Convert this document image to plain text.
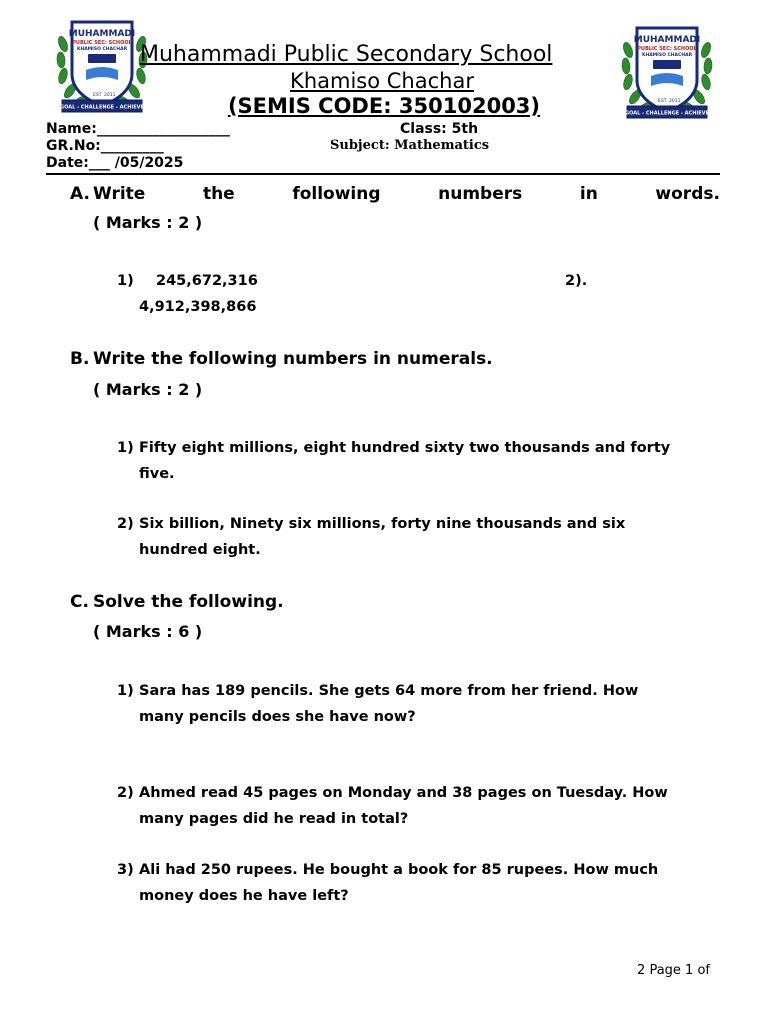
MUHAMMADI
PUBLIC SEC: SCHOOL
KHAMISO CHACHAR
EST 2011
GOAL - CHALLENGE - ACHIEVE
MUHAMMADI
PUBLIC SEC: SCHOOL
KHAMISO CHACHAR
EST 2011
GOAL - CHALLENGE - ACHIEVE
Muhammadi Public Secondary School
Khamiso Chachar
(SEMIS CODE: 350102003)
Name:___________________
GR.No:_________
Date:___ /05/2025
Class: 5th
Subject: Mathematics
A. Write	the	following	numbers	in	words.
( Marks : 2 )
1) 245,672,316	2).
4,912,398,866
B. Write the following numbers in numerals.
( Marks : 2 )
1) Fifty eight millions, eight hundred sixty two thousands and forty
five.
2) Six billion, Ninety six millions, forty nine thousands and six
hundred eight.
C. Solve the following.
( Marks : 6 )
1) Sara has 189 pencils. She gets 64 more from her friend. How
many pencils does she have now?
2) Ahmed read 45 pages on Monday and 38 pages on Tuesday. How
many pages did he read in total?
3) Ali had 250 rupees. He bought a book for 85 rupees. How much
money does he have left?
2 Page 1 of
